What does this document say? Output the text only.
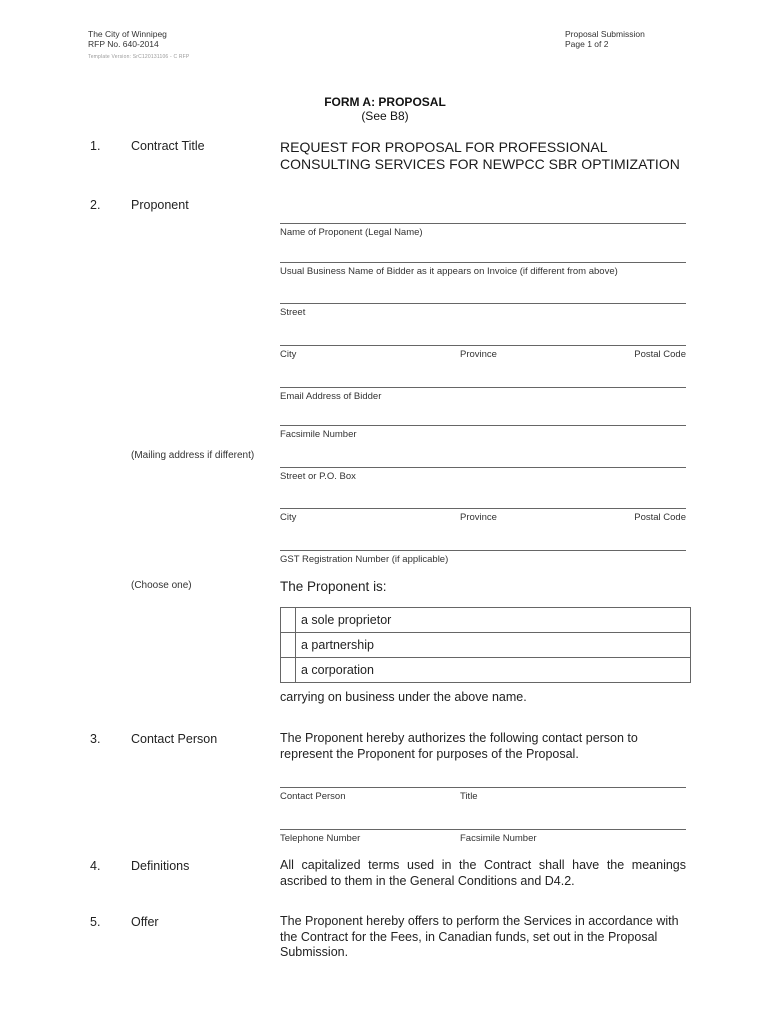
The City of Winnipeg
RFP No. 640-2014
Template Version: SrC120131106 - C RFP
Proposal Submission
Page 1 of 2
FORM A: PROPOSAL
(See B8)
1. Contract Title	REQUEST FOR PROPOSAL FOR PROFESSIONAL
CONSULTING SERVICES FOR NEWPCC SBR OPTIMIZATION
2. Proponent
Name of Proponent (Legal Name)
Usual Business Name of Bidder as it appears on Invoice (if different from above)
Street
City	Province	Postal Code
Email Address of Bidder
Facsimile Number
(Mailing address if different)
Street or P.O. Box
City	Province	Postal Code
GST Registration Number (if applicable)
(Choose one)	The Proponent is:
	a sole proprietor
	a partnership
	a corporation
carrying on business under the above name.
3. Contact Person	The Proponent hereby authorizes the following contact person to represent the Proponent for purposes of the Proposal.
Contact Person	Title
Telephone Number	Facsimile Number
4. Definitions	All capitalized terms used in the Contract shall have the meanings ascribed to them in the General Conditions and D4.2.
5. Offer	The Proponent hereby offers to perform the Services in accordance with the Contract for the Fees, in Canadian funds, set out in the Proposal Submission.
